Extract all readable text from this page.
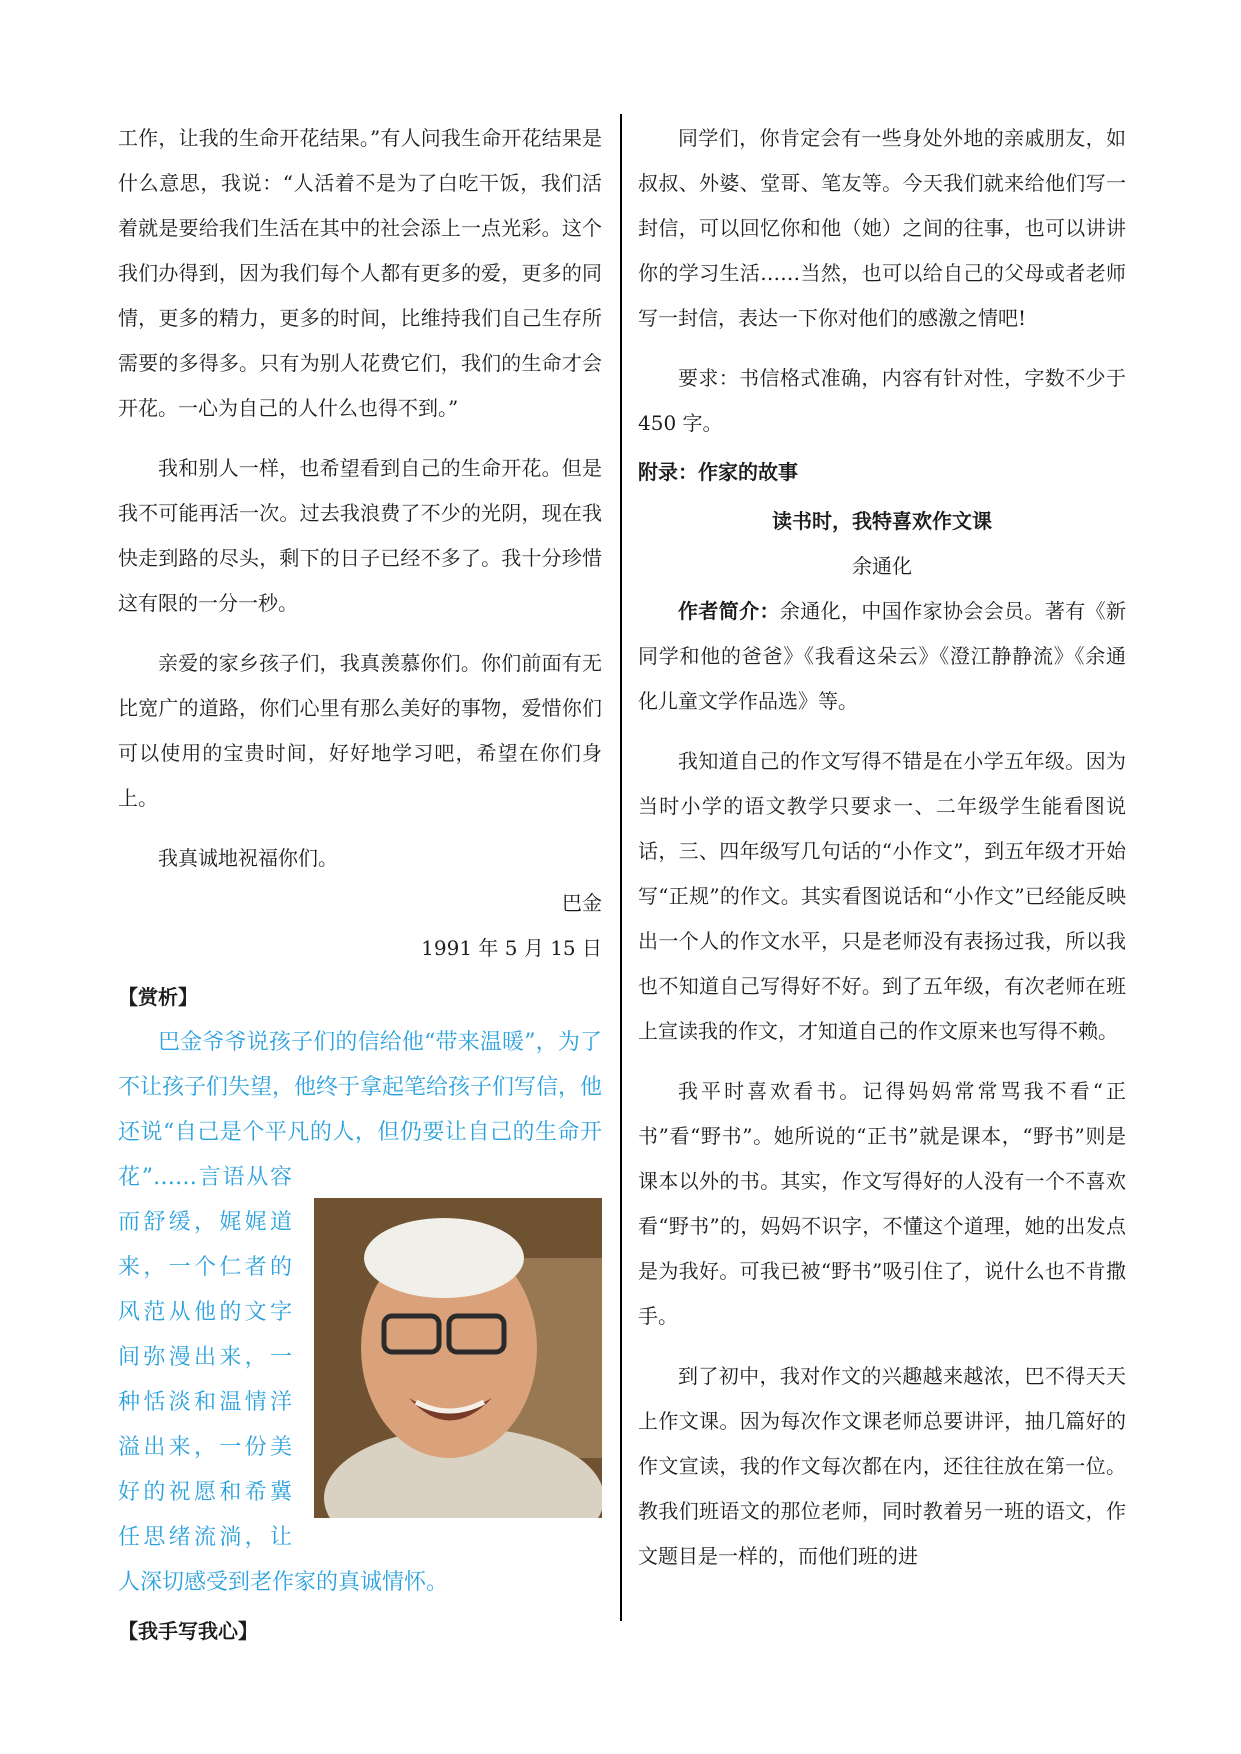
工作，让我的生命开花结果。”有人问我生命开花结果是什么意思，我说：“人活着不是为了白吃干饭，我们活着就是要给我们生活在其中的社会添上一点光彩。这个我们办得到，因为我们每个人都有更多的爱，更多的同情，更多的精力，更多的时间，比维持我们自己生存所需要的多得多。只有为别人花费它们，我们的生命才会开花。一心为自己的人什么也得不到。”

我和别人一样，也希望看到自己的生命开花。但是我不可能再活一次。过去我浪费了不少的光阴，现在我快走到路的尽头，剩下的日子已经不多了。我十分珍惜这有限的一分一秒。

亲爱的家乡孩子们，我真羡慕你们。你们前面有无比宽广的道路，你们心里有那么美好的事物，爱惜你们可以使用的宝贵时间，好好地学习吧，希望在你们身上。

我真诚地祝福你们。

巴金

1991 年 5 月 15 日

【赏析】

巴金爷爷说孩子们的信给他“带来温暖”，为了不让孩子们失望，他终于拿起笔给孩子们写信，他还说“自己是个平凡的人，但仍要让自己的生命开花”……言语从容而舒缓，娓娓道来，一个仁者的风范从他的文字间弥漫出来，一种恬淡和温情洋溢出来，一份美好的祝愿和希冀任思绪流淌，让人深切感受到老作家的真诚情怀。

【我手写我心】

同学们，你肯定会有一些身处外地的亲戚朋友，如叔叔、外婆、堂哥、笔友等。今天我们就来给他们写一封信，可以回忆你和他（她）之间的往事，也可以讲讲你的学习生活……当然，也可以给自己的父母或者老师写一封信，表达一下你对他们的感激之情吧!

要求：书信格式准确，内容有针对性，字数不少于 450 字。

附录：作家的故事

读书时，我特喜欢作文课

余通化

作者简介：余通化，中国作家协会会员。著有《新同学和他的爸爸》《我看这朵云》《澄江静静流》《余通化儿童文学作品选》等。

我知道自己的作文写得不错是在小学五年级。因为当时小学的语文教学只要求一、二年级学生能看图说话，三、四年级写几句话的“小作文”，到五年级才开始写“正规”的作文。其实看图说话和“小作文”已经能反映出一个人的作文水平，只是老师没有表扬过我，所以我也不知道自己写得好不好。到了五年级，有次老师在班上宣读我的作文，才知道自己的作文原来也写得不赖。

我平时喜欢看书。记得妈妈常常骂我不看“正书”看“野书”。她所说的“正书”就是课本，“野书”则是课本以外的书。其实，作文写得好的人没有一个不喜欢看“野书”的，妈妈不识字，不懂这个道理，她的出发点是为我好。可我已被“野书”吸引住了，说什么也不肯撒手。

到了初中，我对作文的兴趣越来越浓，巴不得天天上作文课。因为每次作文课老师总要讲评，抽几篇好的作文宣读，我的作文每次都在内，还往往放在第一位。教我们班语文的那位老师，同时教着另一班的语文，作文题目是一样的，而他们班的进
